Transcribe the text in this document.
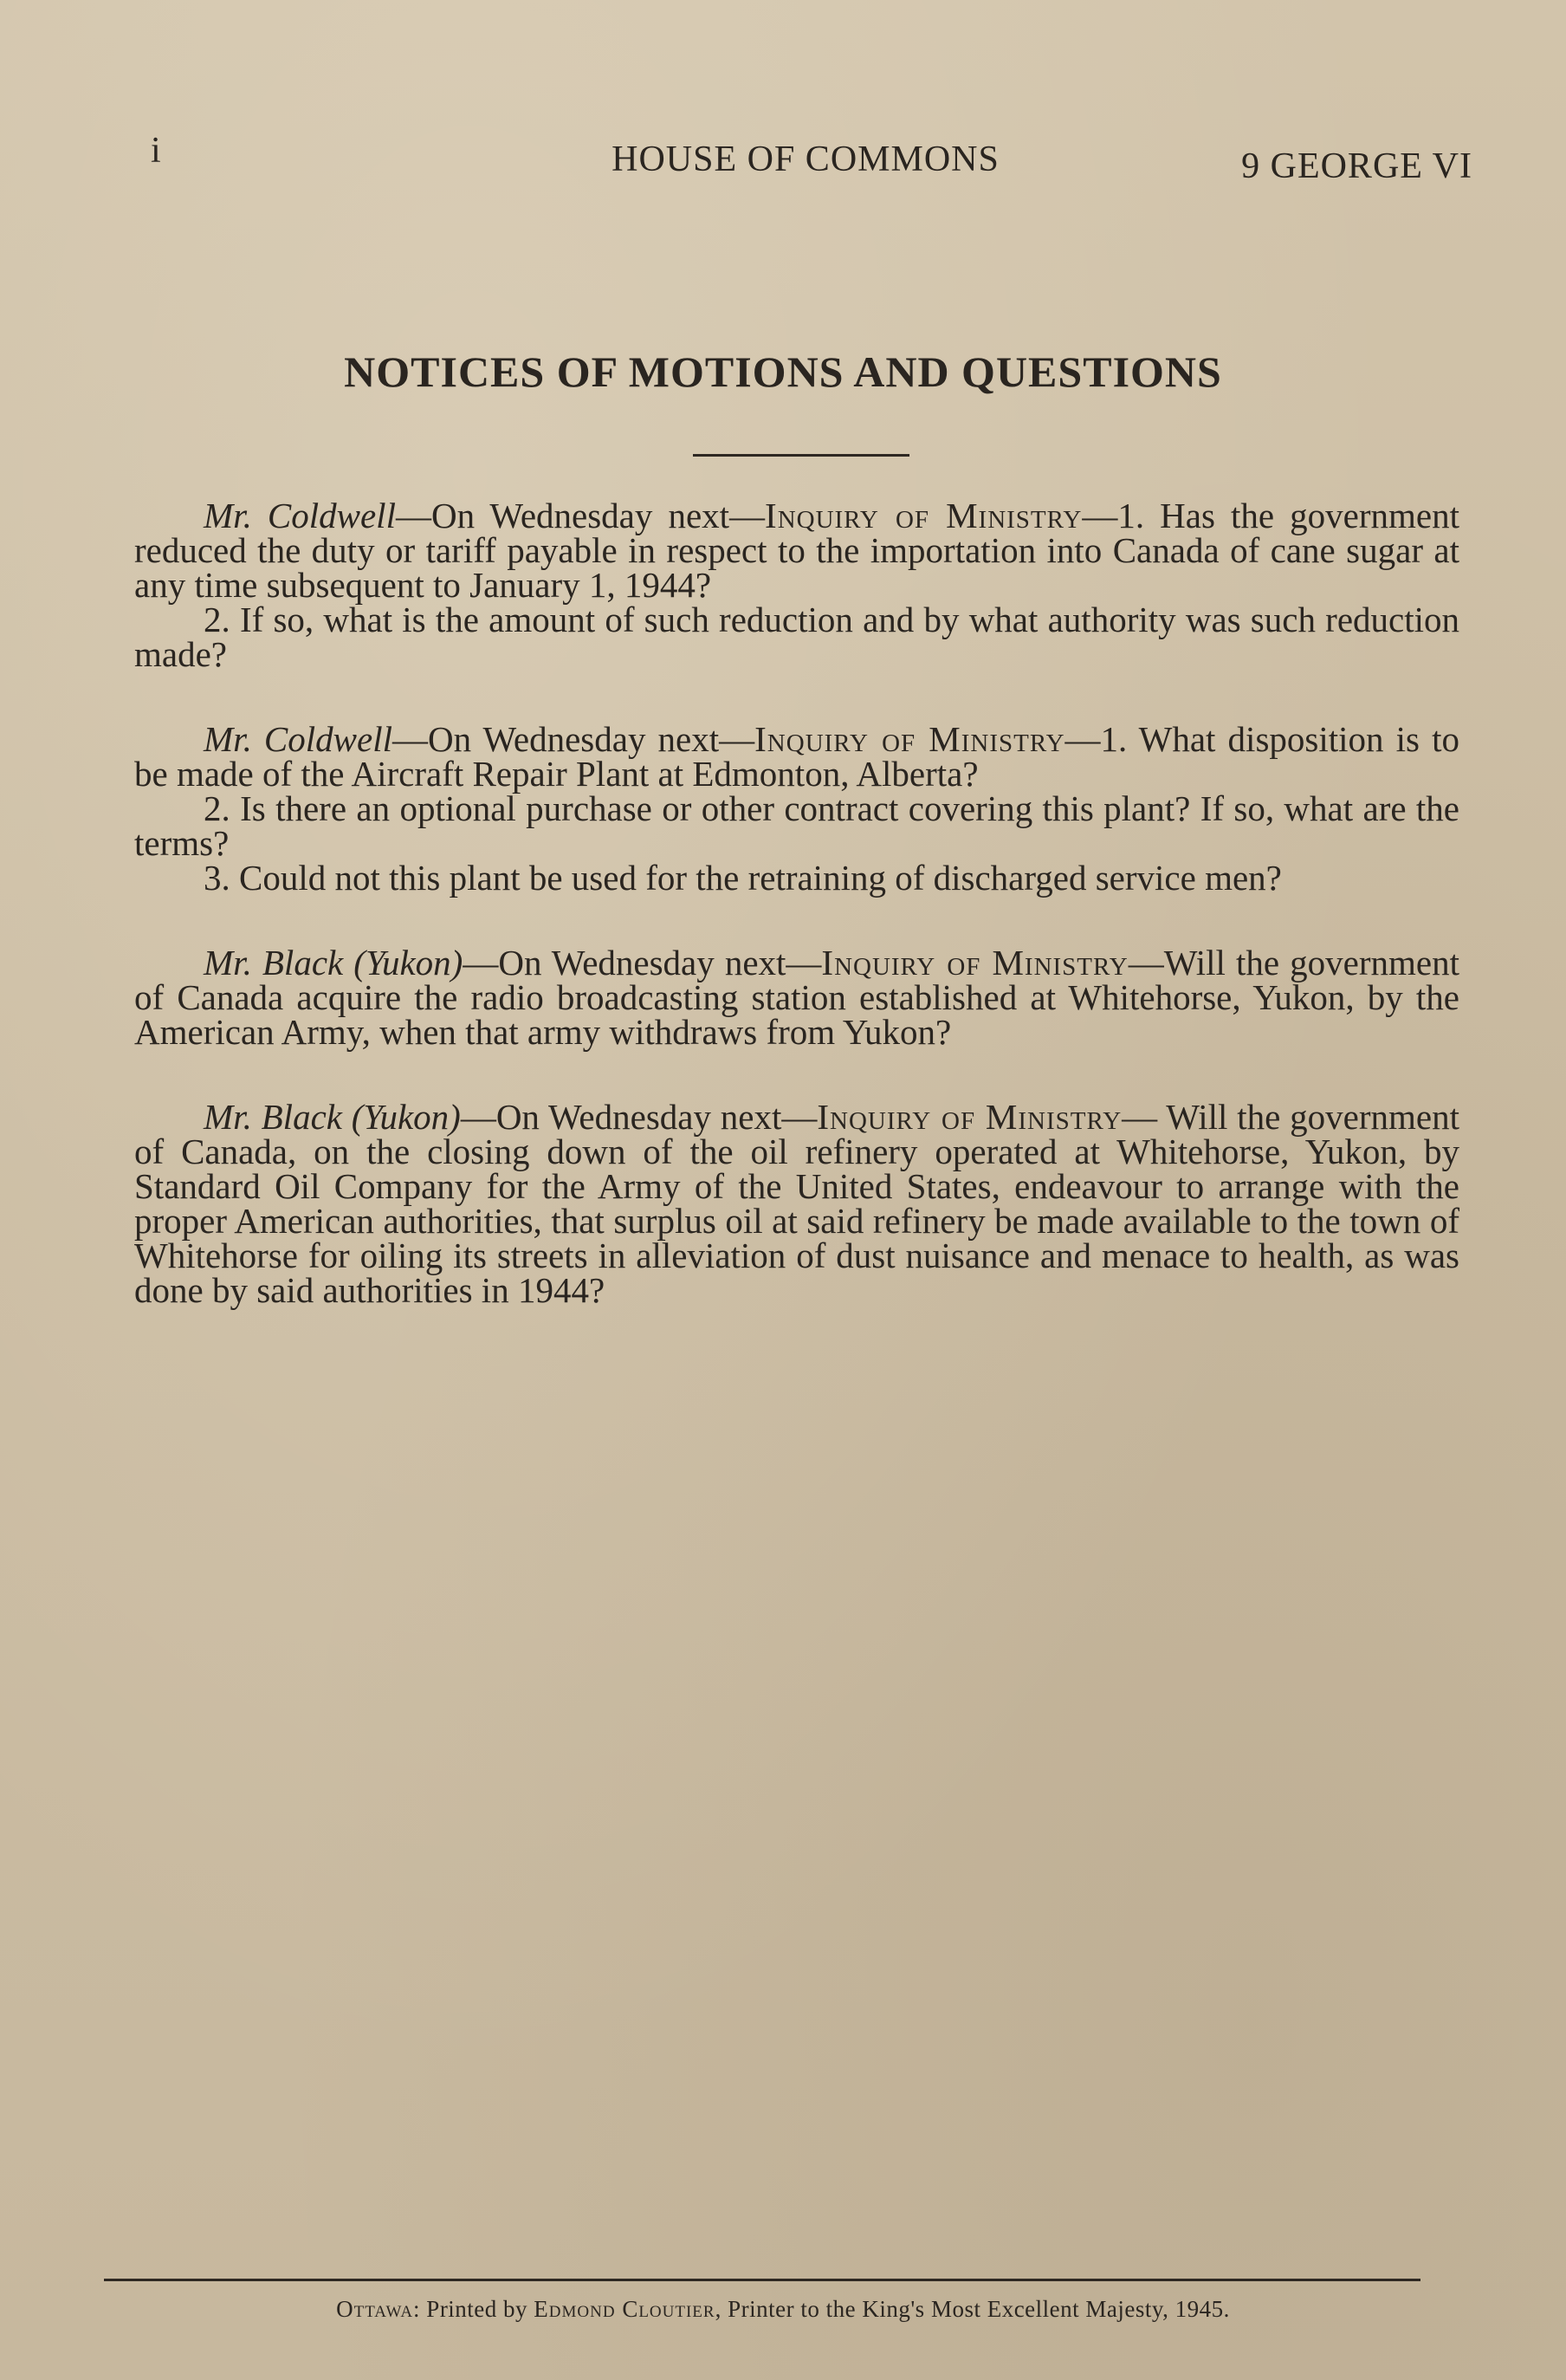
i	HOUSE OF COMMONS	9 GEORGE VI
NOTICES OF MOTIONS AND QUESTIONS

Mr. Coldwell—On Wednesday next—Inquiry of Ministry—1. Has the government reduced the duty or tariff payable in respect to the importation into Canada of cane sugar at any time subsequent to January 1, 1944?

2. If so, what is the amount of such reduction and by what authority was such reduction made?

Mr. Coldwell—On Wednesday next—Inquiry of Ministry—1. What disposition is to be made of the Aircraft Repair Plant at Edmonton, Alberta?

2. Is there an optional purchase or other contract covering this plant? If so, what are the terms?

3. Could not this plant be used for the retraining of discharged service men?

Mr. Black (Yukon)—On Wednesday next—Inquiry of Ministry—Will the government of Canada acquire the radio broadcasting station established at Whitehorse, Yukon, by the American Army, when that army withdraws from Yukon?

Mr. Black (Yukon)—On Wednesday next—Inquiry of Ministry— Will the government of Canada, on the closing down of the oil refinery operated at Whitehorse, Yukon, by Standard Oil Company for the Army of the United States, endeavour to arrange with the proper American authorities, that surplus oil at said refinery be made available to the town of Whitehorse for oiling its streets in alleviation of dust nuisance and menace to health, as was done by said authorities in 1944?

Ottawa: Printed by Edmond Cloutier, Printer to the King's Most Excellent Majesty, 1945.
